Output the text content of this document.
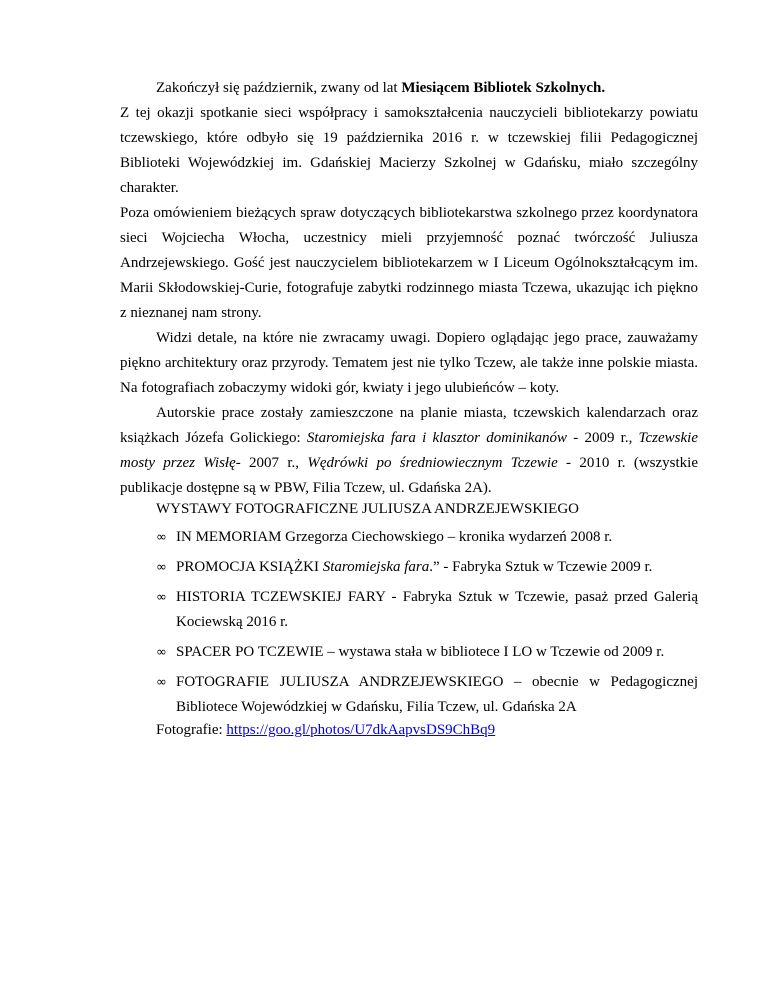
Zakończył się październik, zwany od lat Miesiącem Bibliotek Szkolnych.

Z tej okazji spotkanie sieci współpracy i samokształcenia nauczycieli bibliotekarzy powiatu tczewskiego, które odbyło się 19 października 2016 r. w tczewskiej filii Pedagogicznej Biblioteki Wojewódzkiej im. Gdańskiej Macierzy Szkolnej w Gdańsku, miało szczególny charakter.

Poza omówieniem bieżących spraw dotyczących bibliotekarstwa szkolnego przez koordynatora sieci Wojciecha Włocha, uczestnicy mieli przyjemność poznać twórczość Juliusza Andrzejewskiego. Gość jest nauczycielem bibliotekarzem w I Liceum Ogólnokształcącym im. Marii Skłodowskiej-Curie, fotografuje zabytki rodzinnego miasta Tczewa, ukazując ich piękno z nieznanej nam strony.

Widzi detale, na które nie zwracamy uwagi. Dopiero oglądając jego prace, zauważamy piękno architektury oraz przyrody. Tematem jest nie tylko Tczew, ale także inne polskie miasta. Na fotografiach zobaczymy widoki gór, kwiaty i jego ulubieńców – koty.

Autorskie prace zostały zamieszczone na planie miasta, tczewskich kalendarzach oraz książkach Józefa Golickiego: Staromiejska fara i klasztor dominikanów - 2009 r., Tczewskie mosty przez Wisłę- 2007 r., Wędrówki po średniowiecznym Tczewie - 2010 r. (wszystkie publikacje dostępne są w PBW, Filia Tczew, ul. Gdańska 2A).

WYSTAWY FOTOGRAFICZNE JULIUSZA ANDRZEJEWSKIEGO

∞ IN MEMORIAM Grzegorza Ciechowskiego – kronika wydarzeń 2008 r.
∞ PROMOCJA KSIĄŻKI Staromiejska fara.” - Fabryka Sztuk w Tczewie 2009 r.
∞ HISTORIA TCZEWSKIEJ FARY - Fabryka Sztuk w Tczewie, pasaż przed Galerią Kociewską 2016 r.
∞ SPACER PO TCZEWIE – wystawa stała w bibliotece I LO w Tczewie od 2009 r.
∞ FOTOGRAFIE JULIUSZA ANDRZEJEWSKIEGO – obecnie w Pedagogicznej Bibliotece Wojewódzkiej w Gdańsku, Filia Tczew, ul. Gdańska 2A
Fotografie: https://goo.gl/photos/U7dkAapvsDS9ChBq9
